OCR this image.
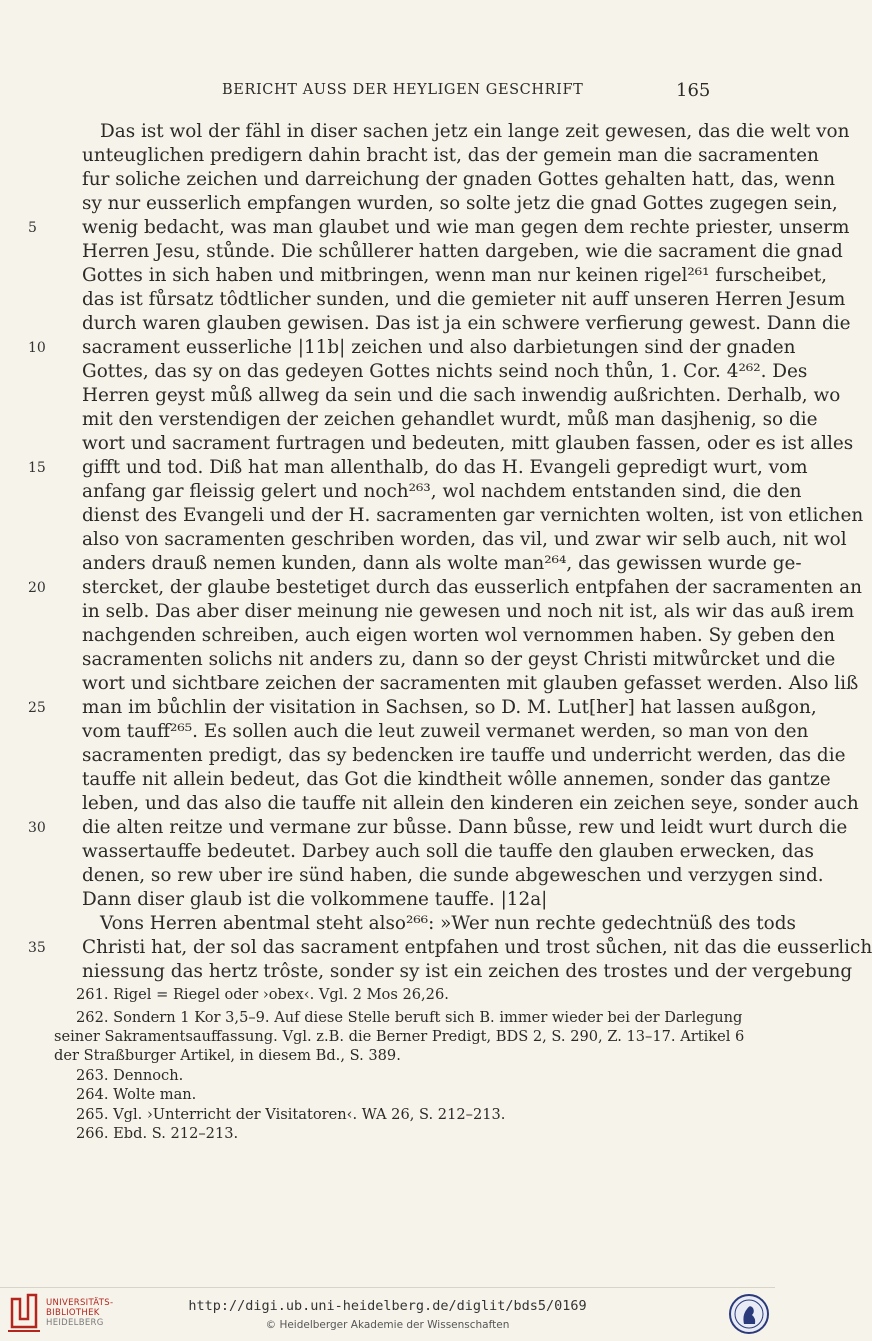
BERICHT AUSS DER HEYLIGEN GESCHRIFT	165
Das ist wol der fähl in diser sachen jetz ein lange zeit gewesen, das die welt von
unteuglichen predigern dahin bracht ist, das der gemein man die sacramenten
fur soliche zeichen und darreichung der gnaden Gottes gehalten hatt, das, wenn
sy nur eusserlich empfangen wurden, so solte jetz die gnad Gottes zugegen sein,
5	wenig bedacht, was man glaubet und wie man gegen dem rechte priester, unserm
Herren Jesu, stůnde. Die schůllerer hatten dargeben, wie die sacrament die gnad
Gottes in sich haben und mitbringen, wenn man nur keinen rigel²⁶¹ furscheibet,
das ist fůrsatz tôdtlicher sunden, und die gemieter nit auff unseren Herren Jesum
durch waren glauben gewisen. Das ist ja ein schwere verfierung gewest. Dann die
10 sacrament eusserliche |11b| zeichen und also darbietungen sind der gnaden
Gottes, das sy on das gedeyen Gottes nichts seind noch thůn, 1. Cor. 4²⁶². Des
Herren geyst můß allweg da sein und die sach inwendig außrichten. Derhalb, wo
mit den verstendigen der zeichen gehandlet wurdt, můß man dasjhenig, so die
wort und sacrament furtragen und bedeuten, mitt glauben fassen, oder es ist alles
15 gifft und tod. Diß hat man allenthalb, do das H. Evangeli gepredigt wurt, vom
anfang gar fleissig gelert und noch²⁶³, wol nachdem entstanden sind, die den
dienst des Evangeli und der H. sacramenten gar vernichten wolten, ist von etlichen
also von sacramenten geschriben worden, das vil, und zwar wir selb auch, nit wol
anders drauß nemen kunden, dann als wolte man²⁶⁴, das gewissen wurde ge-
20 stercket, der glaube bestetiget durch das eusserlich entpfahen der sacramenten an
in selb. Das aber diser meinung nie gewesen und noch nit ist, als wir das auß irem
nachgenden schreiben, auch eigen worten wol vernommen haben. Sy geben den
sacramenten solichs nit anders zu, dann so der geyst Christi mitwůrcket und die
wort und sichtbare zeichen der sacramenten mit glauben gefasset werden. Also liß
25 man im bůchlin der visitation in Sachsen, so D. M. Lut[her] hat lassen außgon,
vom tauff²⁶⁵. Es sollen auch die leut zuweil vermanet werden, so man von den
sacramenten predigt, das sy bedencken ire tauffe und underricht werden, das die
tauffe nit allein bedeut, das Got die kindtheit wôlle annemen, sonder das gantze
leben, und das also die tauffe nit allein den kinderen ein zeichen seye, sonder auch
30 die alten reitze und vermane zur bůsse. Dann bůsse, rew und leidt wurt durch die
wassertauffe bedeutet. Darbey auch soll die tauffe den glauben erwecken, das
denen, so rew uber ire sünd haben, die sunde abgeweschen und verzygen sind.
Dann diser glaub ist die volkommene tauffe. |12a|
Vons Herren abentmal steht also²⁶⁶: »Wer nun rechte gedechtnüß des tods
35 Christi hat, der sol das sacrament entpfahen und trost sůchen, nit das die eusserlich
niessung das hertz trôste, sonder sy ist ein zeichen des trostes und der vergebung
261. Rigel = Riegel oder ›obex‹. Vgl. 2 Mos 26,26.
262. Sondern 1 Kor 3,5–9. Auf diese Stelle beruft sich B. immer wieder bei der Darlegung
seiner Sakramentsauffassung. Vgl. z.B. die Berner Predigt, BDS 2, S. 290, Z. 13–17. Artikel 6
der Straßburger Artikel, in diesem Bd., S. 389.
263. Dennoch.
264. Wolte man.
265. Vgl. ›Unterricht der Visitatoren‹. WA 26, S. 212–213.
266. Ebd. S. 212–213.
UNIVERSITÄTS-
BIBLIOTHEK
HEIDELBERG
http://digi.ub.uni-heidelberg.de/diglit/bds5/0169
© Heidelberger Akademie der Wissenschaften
